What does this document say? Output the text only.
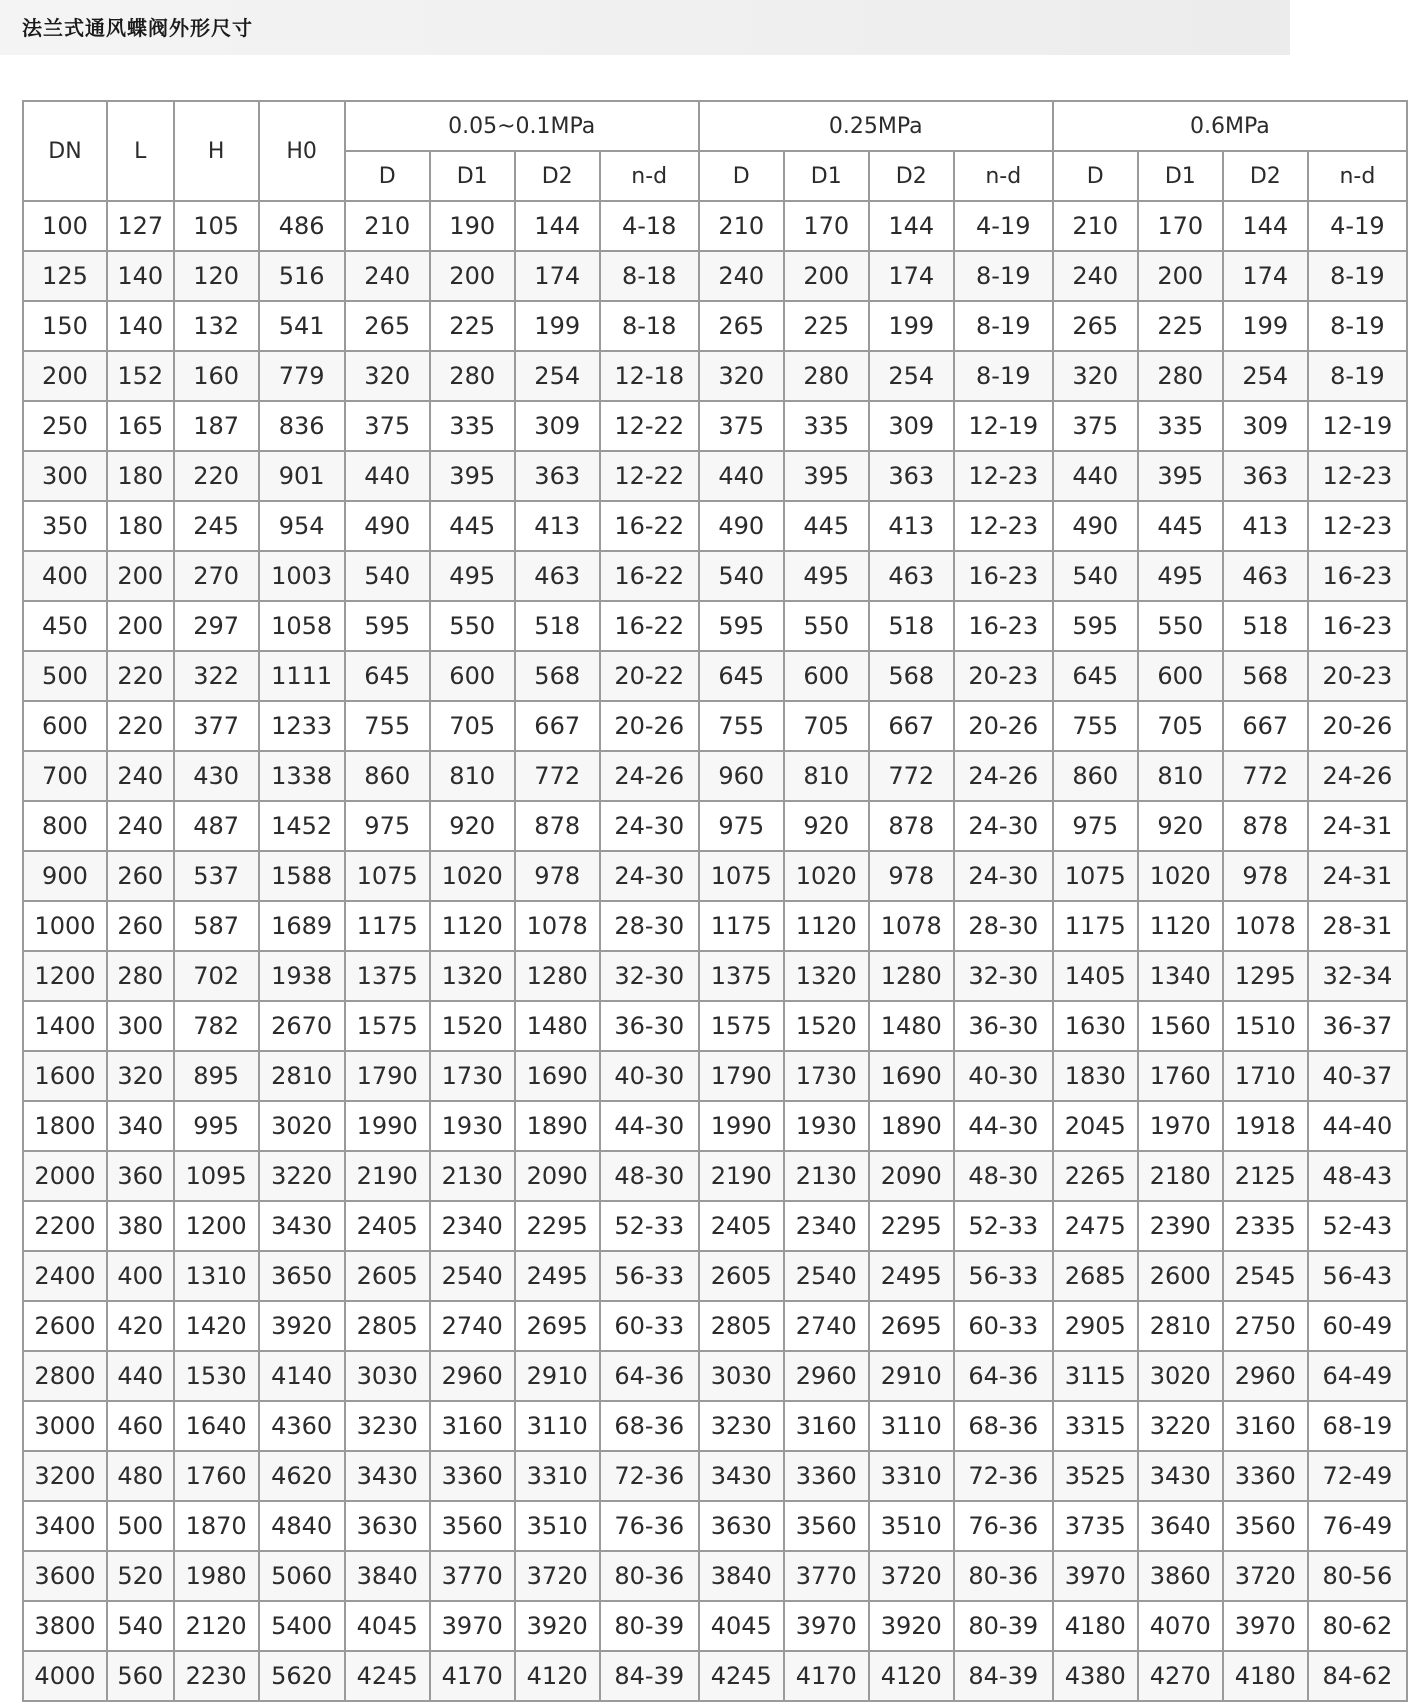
法兰式通风蝶阀外形尺寸
DN	L	H	H0	0.05~0.1MPa				0.25MPa				0.6MPa			
				D	D1	D2	n-d	D	D1	D2	n-d	D	D1	D2	n-d
100	127	105	486	210	190	144	4-18	210	170	144	4-19	210	170	144	4-19
125	140	120	516	240	200	174	8-18	240	200	174	8-19	240	200	174	8-19
150	140	132	541	265	225	199	8-18	265	225	199	8-19	265	225	199	8-19
200	152	160	779	320	280	254	12-18	320	280	254	8-19	320	280	254	8-19
250	165	187	836	375	335	309	12-22	375	335	309	12-19	375	335	309	12-19
300	180	220	901	440	395	363	12-22	440	395	363	12-23	440	395	363	12-23
350	180	245	954	490	445	413	16-22	490	445	413	12-23	490	445	413	12-23
400	200	270	1003	540	495	463	16-22	540	495	463	16-23	540	495	463	16-23
450	200	297	1058	595	550	518	16-22	595	550	518	16-23	595	550	518	16-23
500	220	322	1111	645	600	568	20-22	645	600	568	20-23	645	600	568	20-23
600	220	377	1233	755	705	667	20-26	755	705	667	20-26	755	705	667	20-26
700	240	430	1338	860	810	772	24-26	960	810	772	24-26	860	810	772	24-26
800	240	487	1452	975	920	878	24-30	975	920	878	24-30	975	920	878	24-31
900	260	537	1588	1075	1020	978	24-30	1075	1020	978	24-30	1075	1020	978	24-31
1000	260	587	1689	1175	1120	1078	28-30	1175	1120	1078	28-30	1175	1120	1078	28-31
1200	280	702	1938	1375	1320	1280	32-30	1375	1320	1280	32-30	1405	1340	1295	32-34
1400	300	782	2670	1575	1520	1480	36-30	1575	1520	1480	36-30	1630	1560	1510	36-37
1600	320	895	2810	1790	1730	1690	40-30	1790	1730	1690	40-30	1830	1760	1710	40-37
1800	340	995	3020	1990	1930	1890	44-30	1990	1930	1890	44-30	2045	1970	1918	44-40
2000	360	1095	3220	2190	2130	2090	48-30	2190	2130	2090	48-30	2265	2180	2125	48-43
2200	380	1200	3430	2405	2340	2295	52-33	2405	2340	2295	52-33	2475	2390	2335	52-43
2400	400	1310	3650	2605	2540	2495	56-33	2605	2540	2495	56-33	2685	2600	2545	56-43
2600	420	1420	3920	2805	2740	2695	60-33	2805	2740	2695	60-33	2905	2810	2750	60-49
2800	440	1530	4140	3030	2960	2910	64-36	3030	2960	2910	64-36	3115	3020	2960	64-49
3000	460	1640	4360	3230	3160	3110	68-36	3230	3160	3110	68-36	3315	3220	3160	68-19
3200	480	1760	4620	3430	3360	3310	72-36	3430	3360	3310	72-36	3525	3430	3360	72-49
3400	500	1870	4840	3630	3560	3510	76-36	3630	3560	3510	76-36	3735	3640	3560	76-49
3600	520	1980	5060	3840	3770	3720	80-36	3840	3770	3720	80-36	3970	3860	3720	80-56
3800	540	2120	5400	4045	3970	3920	80-39	4045	3970	3920	80-39	4180	4070	3970	80-62
4000	560	2230	5620	4245	4170	4120	84-39	4245	4170	4120	84-39	4380	4270	4180	84-62
